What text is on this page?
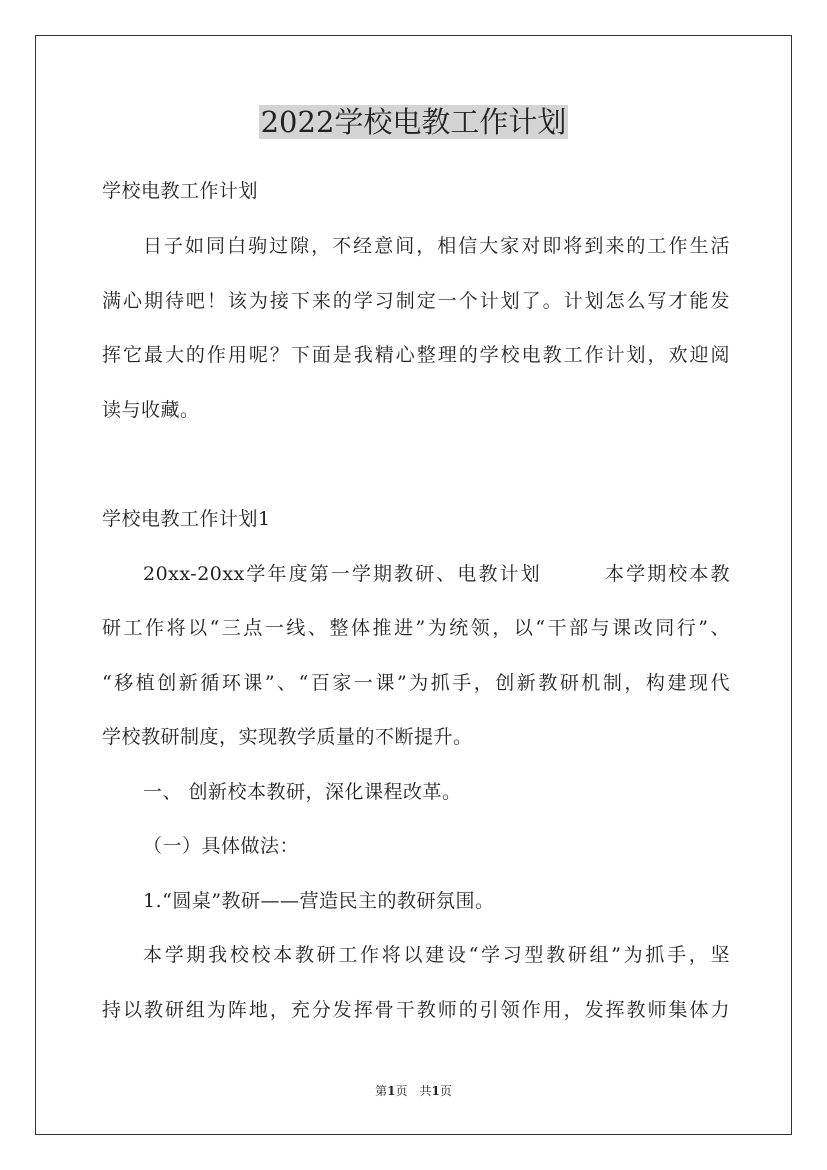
2022学校电教工作计划
学校电教工作计划
日子如同白驹过隙，不经意间，相信大家对即将到来的工作生活
满心期待吧！该为接下来的学习制定一个计划了。计划怎么写才能发
挥它最大的作用呢？下面是我精心整理的学校电教工作计划，欢迎阅
读与收藏。
学校电教工作计划1
20xx-20xx学年度第一学期教研、电教计划　　　本学期校本教
研工作将以“三点一线、整体推进”为统领，以“干部与课改同行”、
“移植创新循环课”、“百家一课”为抓手，创新教研机制，构建现代
学校教研制度，实现教学质量的不断提升。
一、 创新校本教研，深化课程改革。
（一）具体做法：
1.“圆桌”教研——营造民主的教研氛围。
本学期我校校本教研工作将以建设“学习型教研组”为抓手，坚
持以教研组为阵地，充分发挥骨干教师的引领作用，发挥教师集体力
第1页　共1页
